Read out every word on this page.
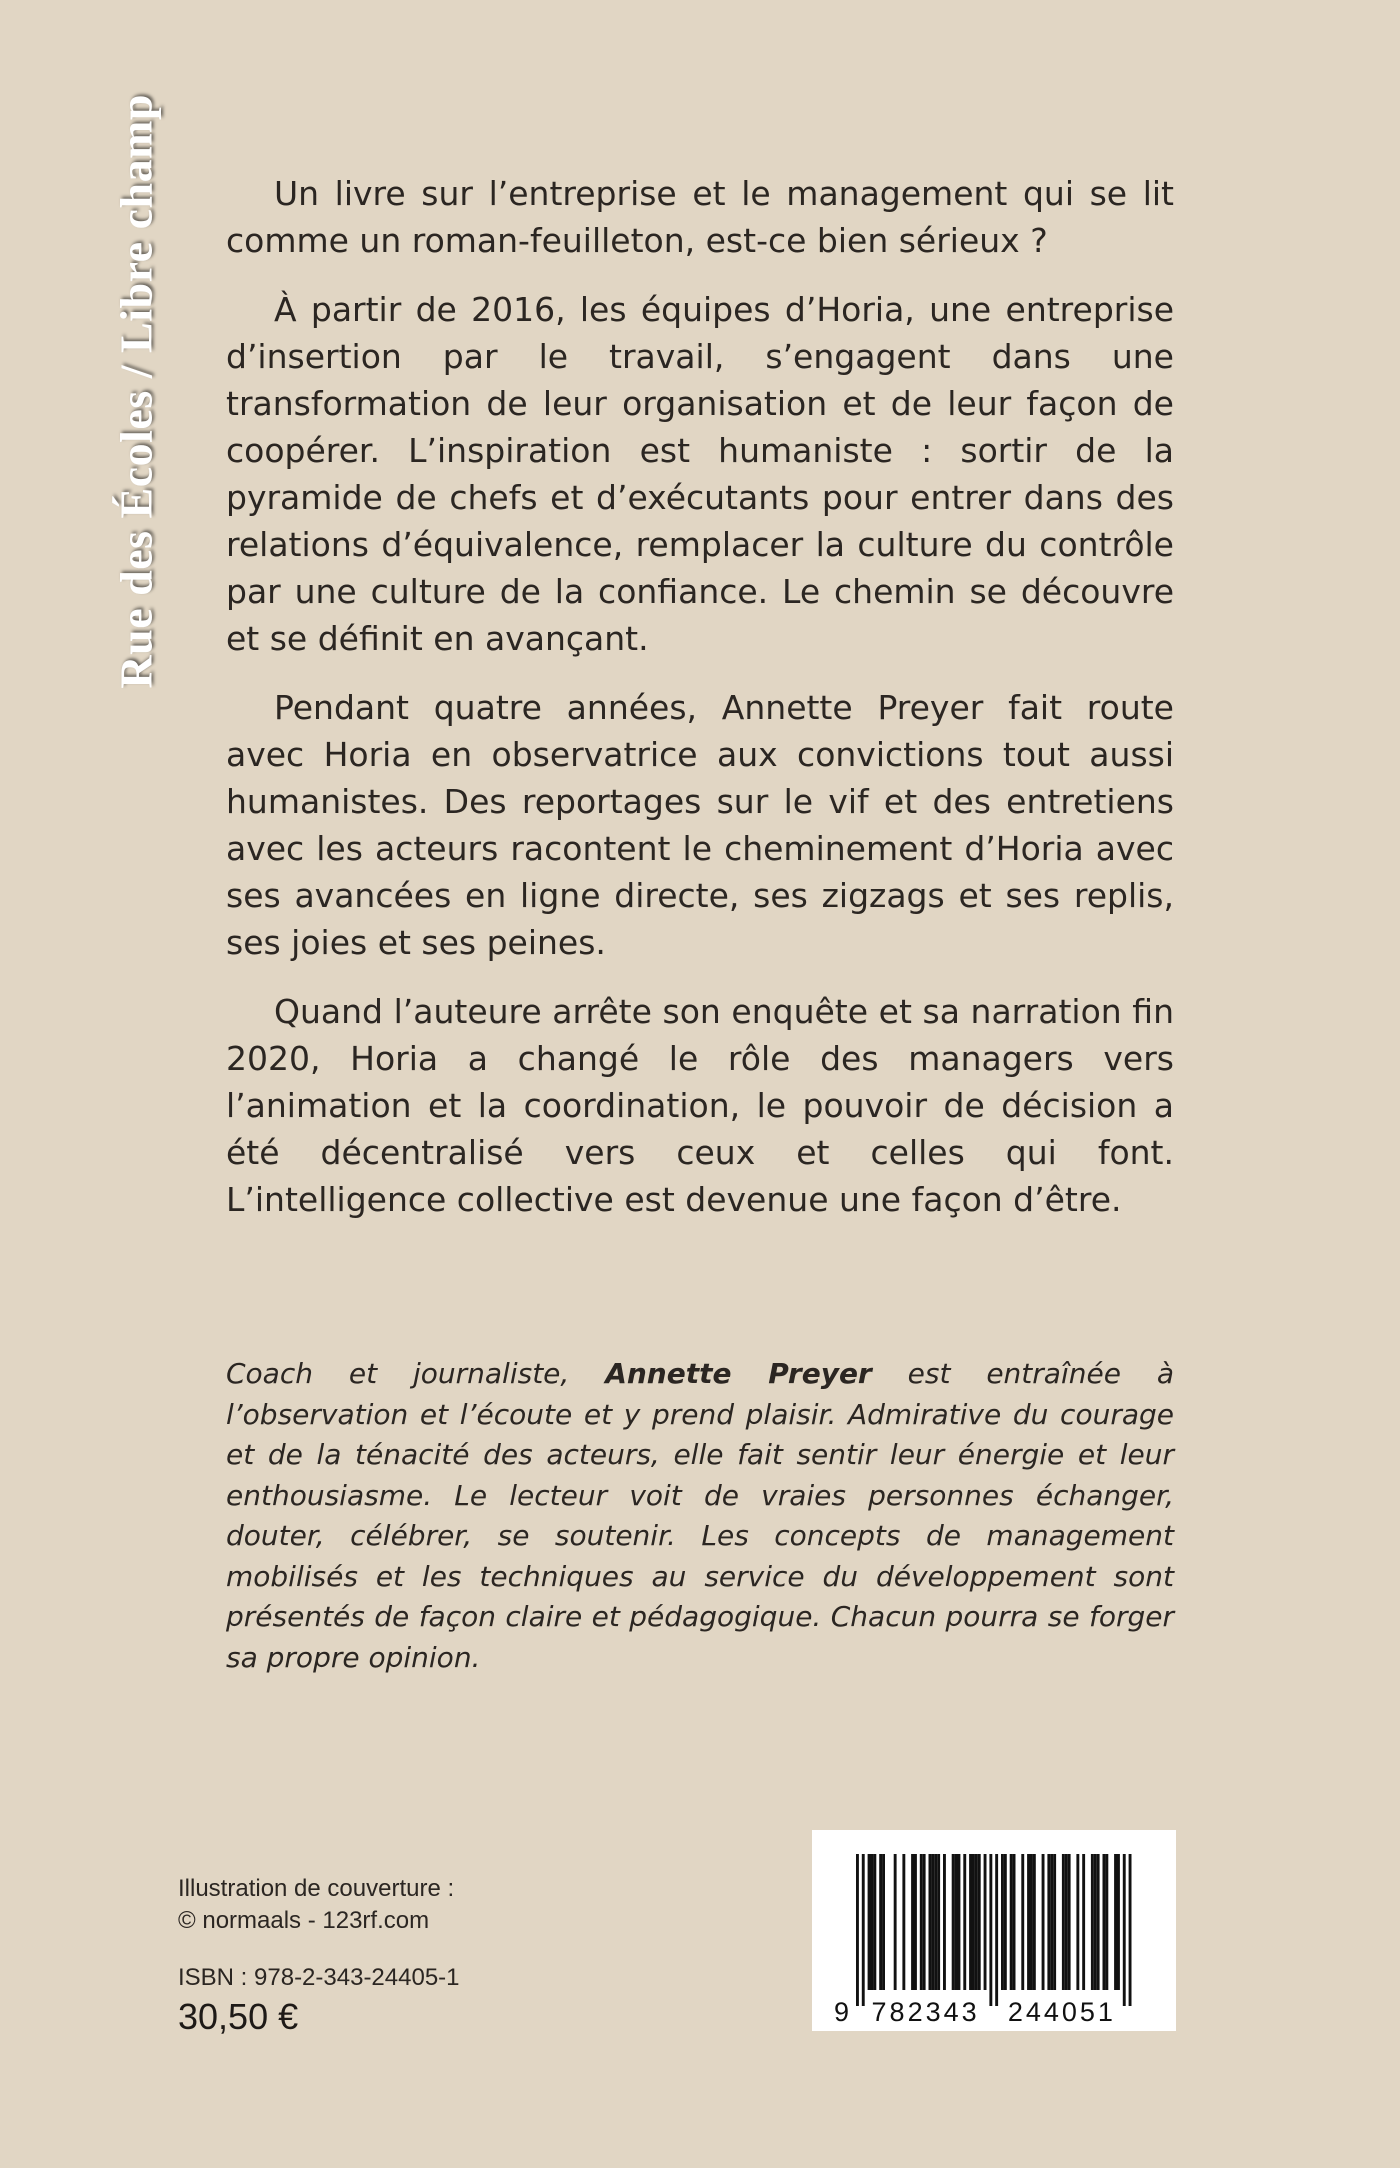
Rue des Écoles / Libre champ	Un livre sur l’entreprise et le management qui se lit comme un roman-feuilleton, est-ce bien sérieux ?

À partir de 2016, les équipes d’Horia, une entreprise d’insertion par le travail, s’engagent dans une transformation de leur organisation et de leur façon de coopérer. L’inspiration est humaniste : sortir de la pyramide de chefs et d’exécutants pour entrer dans des relations d’équivalence, remplacer la culture du contrôle par une culture de la confiance. Le chemin se découvre et se définit en avançant.

Pendant quatre années, Annette Preyer fait route avec Horia en observatrice aux convictions tout aussi humanistes. Des reportages sur le vif et des entretiens avec les acteurs racontent le cheminement d’Horia avec ses avancées en ligne directe, ses zigzags et ses replis, ses joies et ses peines.

Quand l’auteure arrête son enquête et sa narration fin 2020, Horia a changé le rôle des managers vers l’animation et la coordination, le pouvoir de décision a été décentralisé vers ceux et celles qui font. L’intelligence collective est devenue une façon d’être.

Coach et journaliste, Annette Preyer est entraînée à l’observation et l’écoute et y prend plaisir. Admirative du courage et de la ténacité des acteurs, elle fait sentir leur énergie et leur enthousiasme. Le lecteur voit de vraies personnes échanger, douter, célébrer, se soutenir. Les concepts de management mobilisés et les techniques au service du développement sont présentés de façon claire et pédagogique. Chacun pourra se forger sa propre opinion.
Illustration de couverture :
© normaals - 123rf.com
ISBN : 978-2-343-24405-1
30,50 €	9 782343 244051
